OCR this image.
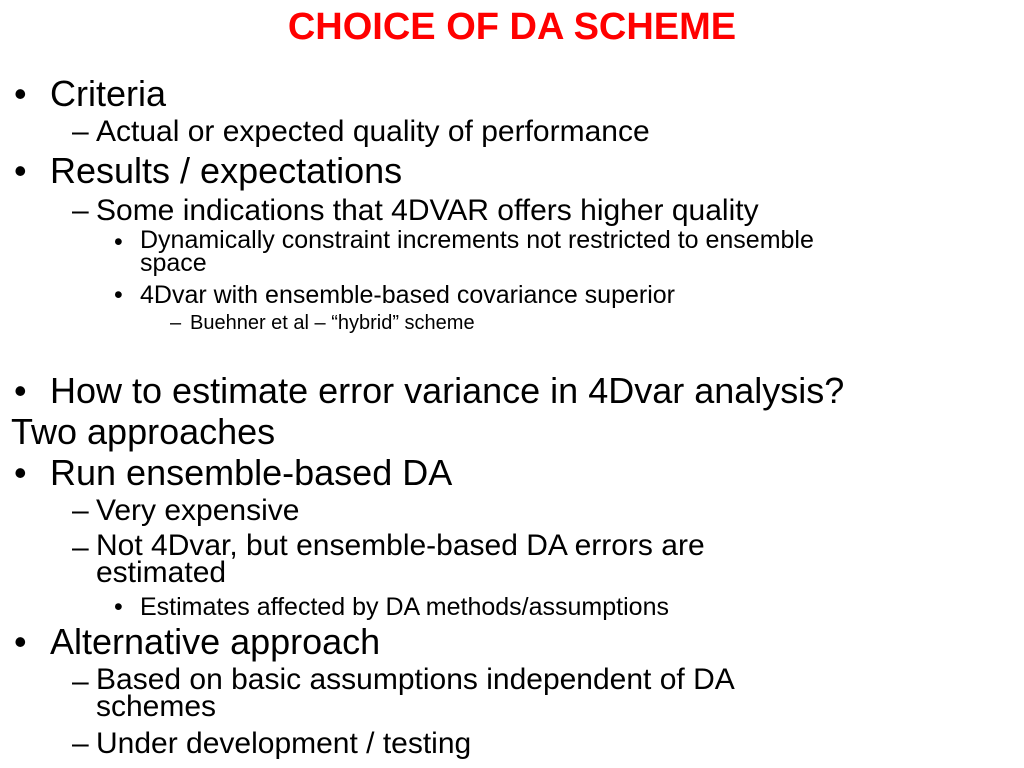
CHOICE OF DA SCHEME
• Criteria
– Actual or expected quality of performance
• Results / expectations
– Some indications that 4DVAR offers higher quality
• Dynamically constraint increments not restricted to ensemble
space
• 4Dvar with ensemble-based covariance superior
– Buehner et al – “hybrid” scheme
• How to estimate error variance in 4Dvar analysis?
Two approaches
• Run ensemble-based DA
– Very expensive
– Not 4Dvar, but ensemble-based DA errors are
estimated
• Estimates affected by DA methods/assumptions
• Alternative approach
– Based on basic assumptions independent of DA
schemes
– Under development / testing
